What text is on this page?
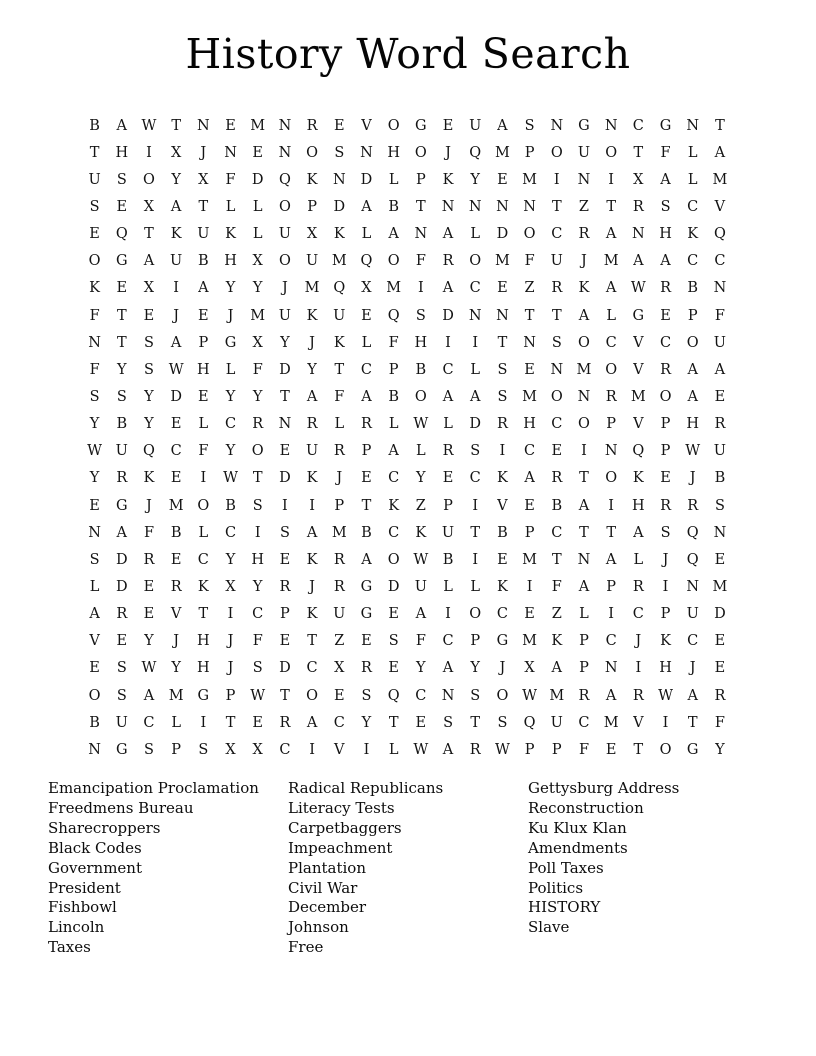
History Word Search
B	A	W	T	N	E M N	R	E	V	O	G	E	U	A	S	N	G	N	C	G	N	T
T	H	I	X	J	N	E	N	O	S	N	H	O	J	Q M	P	O	U	O	T	F	L	A
U	S	O	Y	X	F	D	Q	K	N	D	L	P	K	Y	E M	I	N	I	X	A	L	M
S	E	X	A	T	L	L	O	P	D	A	B	T	N	N	N	N	T	Z	T	R	S	C	V
E	Q	T	K	U	K	L	U	X	K	L	A	N	A	L	D	O	C	R	A	N	H	K	Q
O	G	A	U	B	H	X	O	U M Q	O	F	R	O M	F	U	J	M	A	A	C	C
K	E	X	I	A	Y	Y	J	M Q	X	M	I	A	C	E	Z	R	K	A	W R	B	N
F	T	E	J	E	J	M U	K	U	E	Q	S	D	N	N	T	T	A	L	G	E	P	F
N	T	S	A	P	G	X	Y	J	K	L	F	H	I	I	T	N	S	O	C	V	C	O	U
F	Y	S	W H	L	F	D	Y	T	C	P	B	C	L	S	E	N M O	V	R	A	A
S	S	Y	D	E	Y	Y	T	A	F	A	B	O	A	A	S	M O	N	R M O	A	E
Y	B	Y	E	L	C	R	N	R	L	R	L	W	L	D	R	H	C	O	P	V	P	H	R
W U	Q	C	F	Y	O	E	U	R	P	A	L	R	S	I	C	E	I	N	Q	P	W U
Y	R	K	E	I	W	T	D	K	J	E	C	Y	E	C	K	A	R	T	O	K	E	J	B
E	G	J	M O	B	S	I	I	P	T	K	Z	P	I	V	E	B	A	I	H	R	R	S
N	A	F	B	L	C	I	S	A	M B	C	K	U	T	B	P	C	T	T	A	S	Q	N
S	D	R	E	C	Y	H	E	K	R	A	O W B	I	E M	T	N	A	L	J	Q	E
L	D	E	R	K	X	Y	R	J	R	G	D	U	L	L	K	I	F	A	P	R	I	N M
A	R	E	V	T	I	C	P	K	U	G	E	A	I	O	C	E	Z	L	I	C	P	U	D
V	E	Y	J	H	J	F	E	T	Z	E	S	F	C	P	G M K	P	C	J	K	C	E
E	S	W	Y	H	J	S	D	C	X	R	E	Y	A	Y	J	X	A	P	N	I	H	J	E
O	S	A	M G	P	W	T	O	E	S	Q	C	N	S	O W M R	A	R W A	R
B	U	C	L	I	T	E	R	A	C	Y	T	E	S	T	S	Q	U	C M	V	I	T	F
N	G	S	P	S	X	X	C	I	V	I	L	W A	R W	P	P	F	E	T	O	G	Y
Emancipation Proclamation
Freedmens Bureau
Sharecroppers
Black Codes
Government
President
Fishbowl
Lincoln
Taxes
Radical Republicans
Literacy Tests
Carpetbaggers
Impeachment
Plantation
Civil War
December
Johnson
Free
Gettysburg Address
Reconstruction
Ku Klux Klan
Amendments
Poll Taxes
Politics
HISTORY
Slave
